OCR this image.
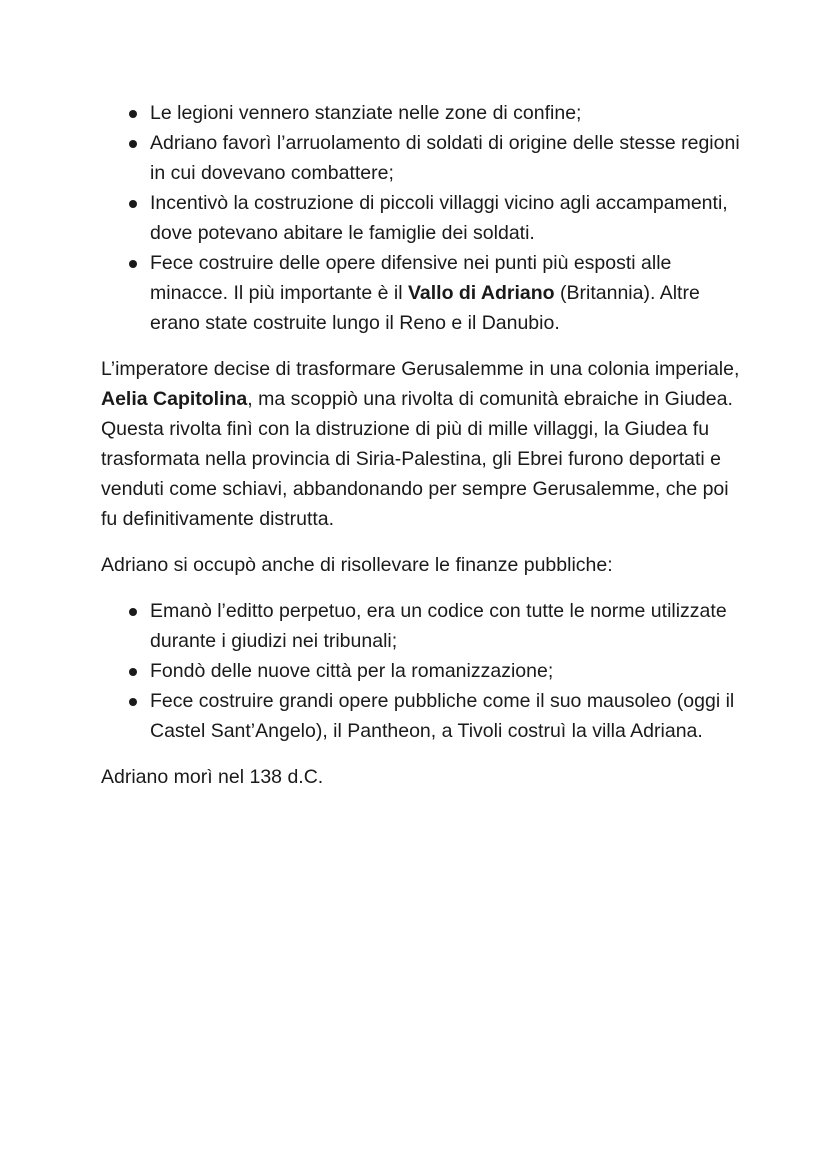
Le legioni vennero stanziate nelle zone di confine;
Adriano favorì l’arruolamento di soldati di origine delle stesse regioni in cui dovevano combattere;
Incentivò la costruzione di piccoli villaggi vicino agli accampamenti, dove potevano abitare le famiglie dei soldati.
Fece costruire delle opere difensive nei punti più esposti alle minacce. Il più importante è il Vallo di Adriano (Britannia). Altre erano state costruite lungo il Reno e il Danubio.

L’imperatore decise di trasformare Gerusalemme in una colonia imperiale, Aelia Capitolina, ma scoppiò una rivolta di comunità ebraiche in Giudea. Questa rivolta finì con la distruzione di più di mille villaggi, la Giudea fu trasformata nella provincia di Siria-Palestina, gli Ebrei furono deportati e venduti come schiavi, abbandonando per sempre Gerusalemme, che poi fu definitivamente distrutta.

Adriano si occupò anche di risollevare le finanze pubbliche:

Emanò l’editto perpetuo, era un codice con tutte le norme utilizzate durante i giudizi nei tribunali;
Fondò delle nuove città per la romanizzazione;
Fece costruire grandi opere pubbliche come il suo mausoleo (oggi il Castel Sant’Angelo), il Pantheon, a Tivoli costruì la villa Adriana.

Adriano morì nel 138 d.C.
